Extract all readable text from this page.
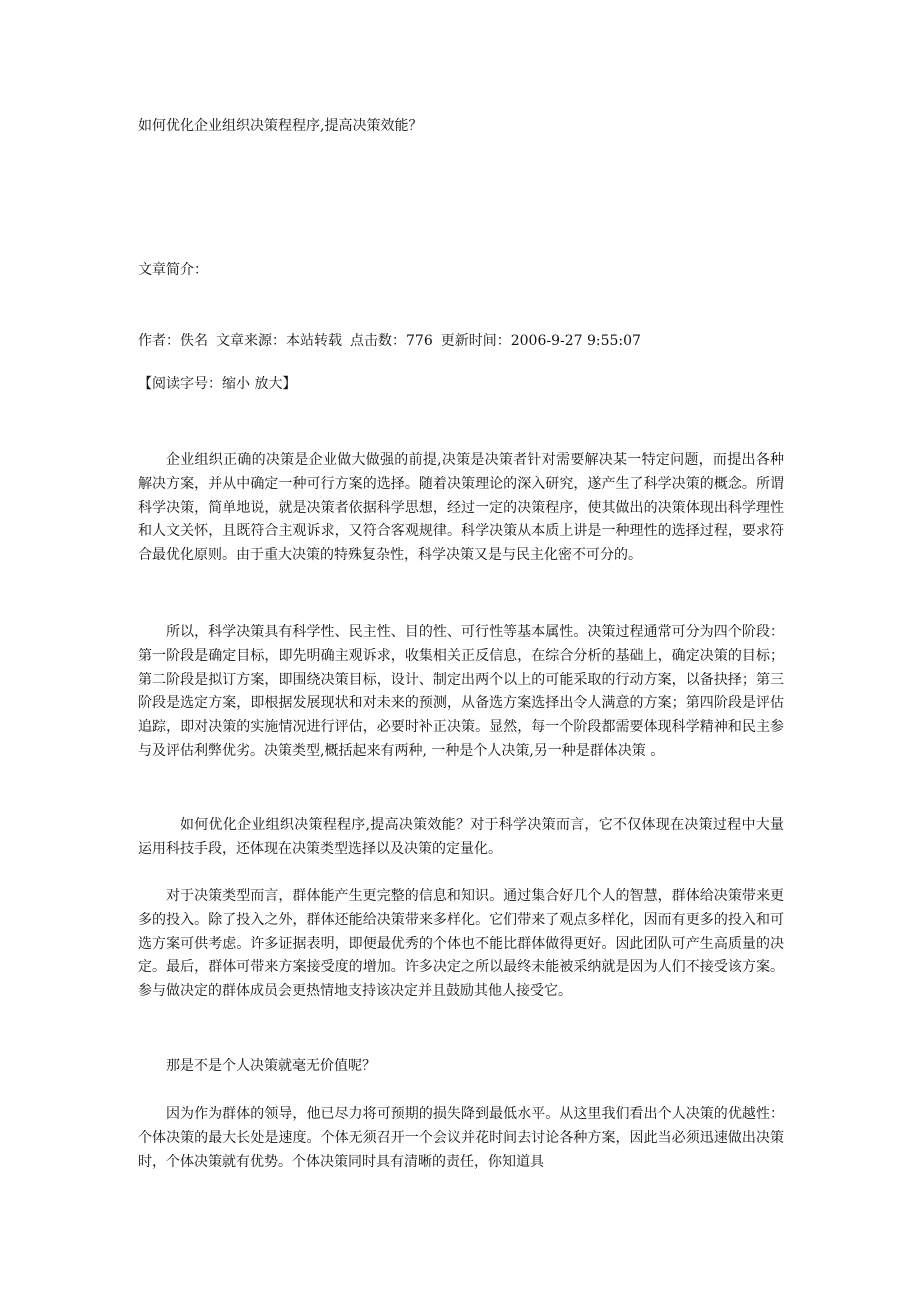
如何优化企业组织决策程程序,提高决策效能？
文章简介：
作者：佚名 文章来源：本站转载 点击数：776 更新时间：2006-9-27 9:55:07
【阅读字号：缩小 放大】

企业组织正确的决策是企业做大做强的前提,决策是决策者针对需要解决某一特定问题，而提出各种解决方案，并从中确定一种可行方案的选择。随着决策理论的深入研究，遂产生了科学决策的概念。所谓科学决策，简单地说，就是决策者依据科学思想，经过一定的决策程序，使其做出的决策体现出科学理性和人文关怀，且既符合主观诉求，又符合客观规律。科学决策从本质上讲是一种理性的选择过程，要求符合最优化原则。由于重大决策的特殊复杂性，科学决策又是与民主化密不可分的。

所以，科学决策具有科学性、民主性、目的性、可行性等基本属性。决策过程通常可分为四个阶段：第一阶段是确定目标，即先明确主观诉求，收集相关正反信息，在综合分析的基础上，确定决策的目标；第二阶段是拟订方案，即围绕决策目标，设计、制定出两个以上的可能采取的行动方案，以备抉择；第三阶段是选定方案，即根据发展现状和对未来的预测，从备选方案选择出令人满意的方案；第四阶段是评估追踪，即对决策的实施情况进行评估，必要时补正决策。显然，每一个阶段都需要体现科学精神和民主参与及评估利弊优劣。决策类型,概括起来有两种, 一种是个人决策,另一种是群体决策 。

如何优化企业组织决策程程序,提高决策效能？对于科学决策而言，它不仅体现在决策过程中大量运用科技手段，还体现在决策类型选择以及决策的定量化。

对于决策类型而言，群体能产生更完整的信息和知识。通过集合好几个人的智慧，群体给决策带来更多的投入。除了投入之外，群体还能给决策带来多样化。它们带来了观点多样化，因而有更多的投入和可选方案可供考虑。许多证据表明，即便最优秀的个体也不能比群体做得更好。因此团队可产生高质量的决定。最后，群体可带来方案接受度的增加。许多决定之所以最终未能被采纳就是因为人们不接受该方案。参与做决定的群体成员会更热情地支持该决定并且鼓励其他人接受它。

那是不是个人决策就毫无价值呢？

因为作为群体的领导，他已尽力将可预期的损失降到最低水平。从这里我们看出个人决策的优越性：个体决策的最大长处是速度。个体无须召开一个会议并花时间去讨论各种方案，因此当必须迅速做出决策时，个体决策就有优势。个体决策同时具有清晰的责任，你知道具
